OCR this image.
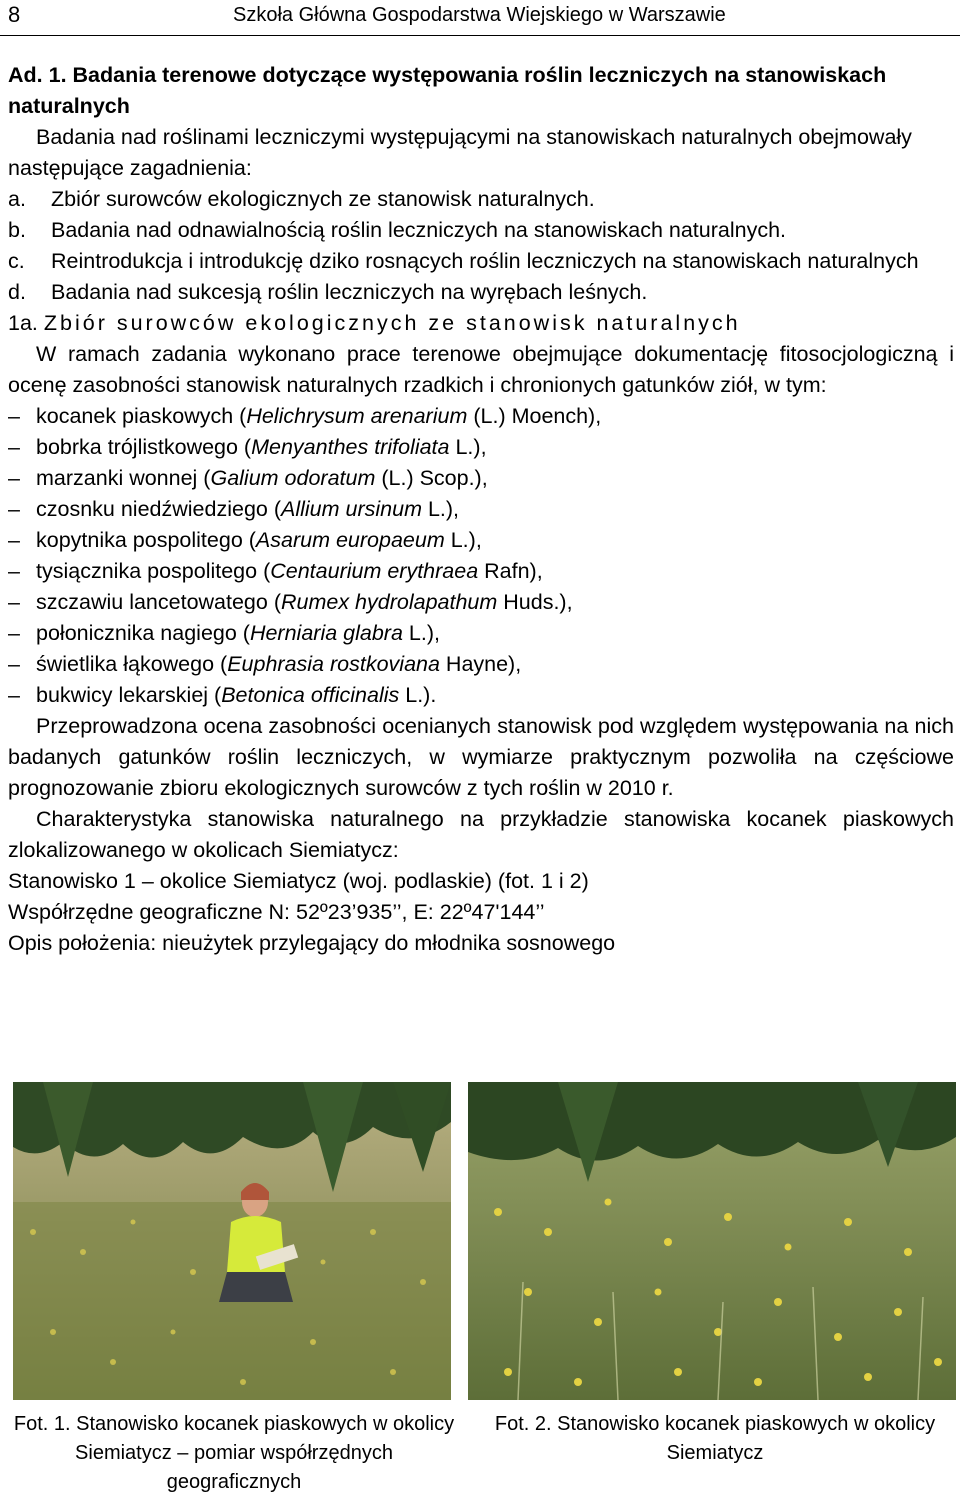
8	Szkoła Główna Gospodarstwa Wiejskiego w Warszawie

Ad. 1. Badania terenowe dotyczące występowania roślin leczniczych na stanowiskach naturalnych

Badania nad roślinami leczniczymi występującymi na stanowiskach naturalnych obejmowały następujące zagadnienia:

a. Zbiór surowców ekologicznych ze stanowisk naturalnych.

b. Badania nad odnawialnością roślin leczniczych na stanowiskach naturalnych.

c. Reintrodukcja i introdukcję dziko rosnących roślin leczniczych na stanowiskach naturalnych

d. Badania nad sukcesją roślin leczniczych na wyrębach leśnych.

1a. Zbiór surowców ekologicznych ze stanowisk naturalnych

W ramach zadania wykonano prace terenowe obejmujące dokumentację fitosocjologiczną i ocenę zasobności stanowisk naturalnych rzadkich i chronionych gatunków ziół, w tym:

– kocanek piaskowych (Helichrysum arenarium (L.) Moench),

– bobrka trójlistkowego (Menyanthes trifoliata L.),

– marzanki wonnej (Galium odoratum (L.) Scop.),

– czosnku niedźwiedziego (Allium ursinum L.),

– kopytnika pospolitego (Asarum europaeum L.),

– tysiącznika pospolitego (Centaurium erythraea Rafn),

– szczawiu lancetowatego (Rumex hydrolapathum Huds.),

– połonicznika nagiego (Herniaria glabra L.),

– świetlika łąkowego (Euphrasia rostkoviana Hayne),

– bukwicy lekarskiej (Betonica officinalis L.).

Przeprowadzona ocena zasobności ocenianych stanowisk pod względem występowania na nich badanych gatunków roślin leczniczych, w wymiarze praktycznym pozwoliła na częściowe prognozowanie zbioru ekologicznych surowców z tych roślin w 2010 r.

Charakterystyka stanowiska naturalnego na przykładzie stanowiska kocanek piaskowych zlokalizowanego w okolicach Siemiatycz:

Stanowisko 1 – okolice Siemiatycz (woj. podlaskie) (fot. 1 i 2)

Współrzędne geograficzne N: 52º23’935’’, E: 22º47'144’’

Opis położenia: nieużytek przylegający do młodnika sosnowego

Fot. 1. Stanowisko kocanek piaskowych w okolicy Siemiatycz – pomiar współrzędnych geograficznych
Fot. 2. Stanowisko kocanek piaskowych w okolicy Siemiatycz
